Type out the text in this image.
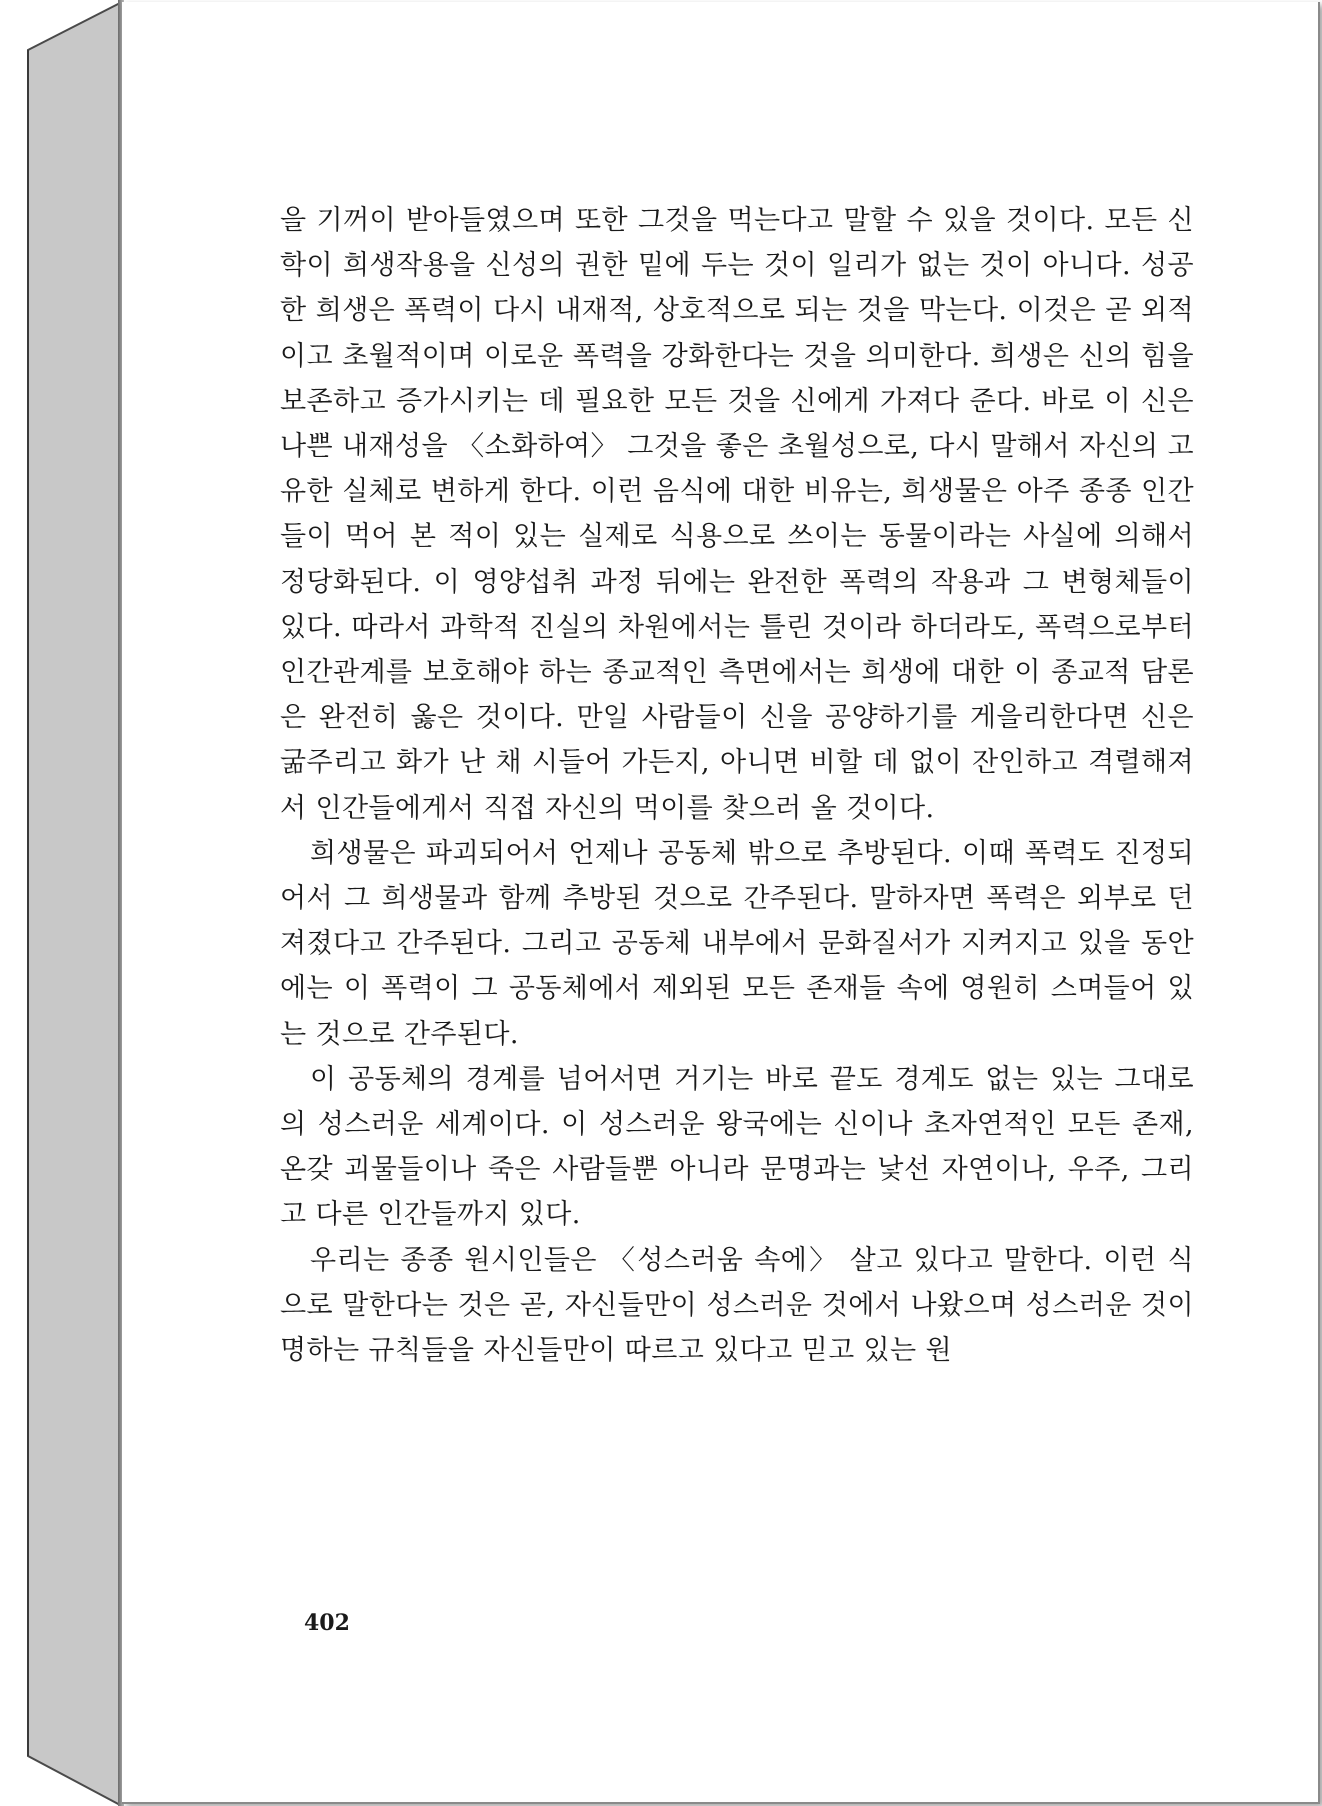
을 기꺼이 받아들였으며 또한 그것을 먹는다고 말할 수 있을 것이다. 모든 신학이 희생작용을 신성의 권한 밑에 두는 것이 일리가 없는 것이 아니다. 성공한 희생은 폭력이 다시 내재적, 상호적으로 되는 것을 막는다. 이것은 곧 외적이고 초월적이며 이로운 폭력을 강화한다는 것을 의미한다. 희생은 신의 힘을 보존하고 증가시키는 데 필요한 모든 것을 신에게 가져다 준다. 바로 이 신은 나쁜 내재성을 〈소화하여〉 그것을 좋은 초월성으로, 다시 말해서 자신의 고유한 실체로 변하게 한다. 이런 음식에 대한 비유는, 희생물은 아주 종종 인간들이 먹어 본 적이 있는 실제로 식용으로 쓰이는 동물이라는 사실에 의해서 정당화된다. 이 영양섭취 과정 뒤에는 완전한 폭력의 작용과 그 변형체들이 있다. 따라서 과학적 진실의 차원에서는 틀린 것이라 하더라도, 폭력으로부터 인간관계를 보호해야 하는 종교적인 측면에서는 희생에 대한 이 종교적 담론은 완전히 옳은 것이다. 만일 사람들이 신을 공양하기를 게을리한다면 신은 굶주리고 화가 난 채 시들어 가든지, 아니면 비할 데 없이 잔인하고 격렬해져서 인간들에게서 직접 자신의 먹이를 찾으러 올 것이다.

희생물은 파괴되어서 언제나 공동체 밖으로 추방된다. 이때 폭력도 진정되어서 그 희생물과 함께 추방된 것으로 간주된다. 말하자면 폭력은 외부로 던져졌다고 간주된다. 그리고 공동체 내부에서 문화질서가 지켜지고 있을 동안에는 이 폭력이 그 공동체에서 제외된 모든 존재들 속에 영원히 스며들어 있는 것으로 간주된다.

이 공동체의 경계를 넘어서면 거기는 바로 끝도 경계도 없는 있는 그대로의 성스러운 세계이다. 이 성스러운 왕국에는 신이나 초자연적인 모든 존재, 온갖 괴물들이나 죽은 사람들뿐 아니라 문명과는 낯선 자연이나, 우주, 그리고 다른 인간들까지 있다.

우리는 종종 원시인들은 〈성스러움 속에〉 살고 있다고 말한다. 이런 식으로 말한다는 것은 곧, 자신들만이 성스러운 것에서 나왔으며 성스러운 것이 명하는 규칙들을 자신들만이 따르고 있다고 믿고 있는 원

402
